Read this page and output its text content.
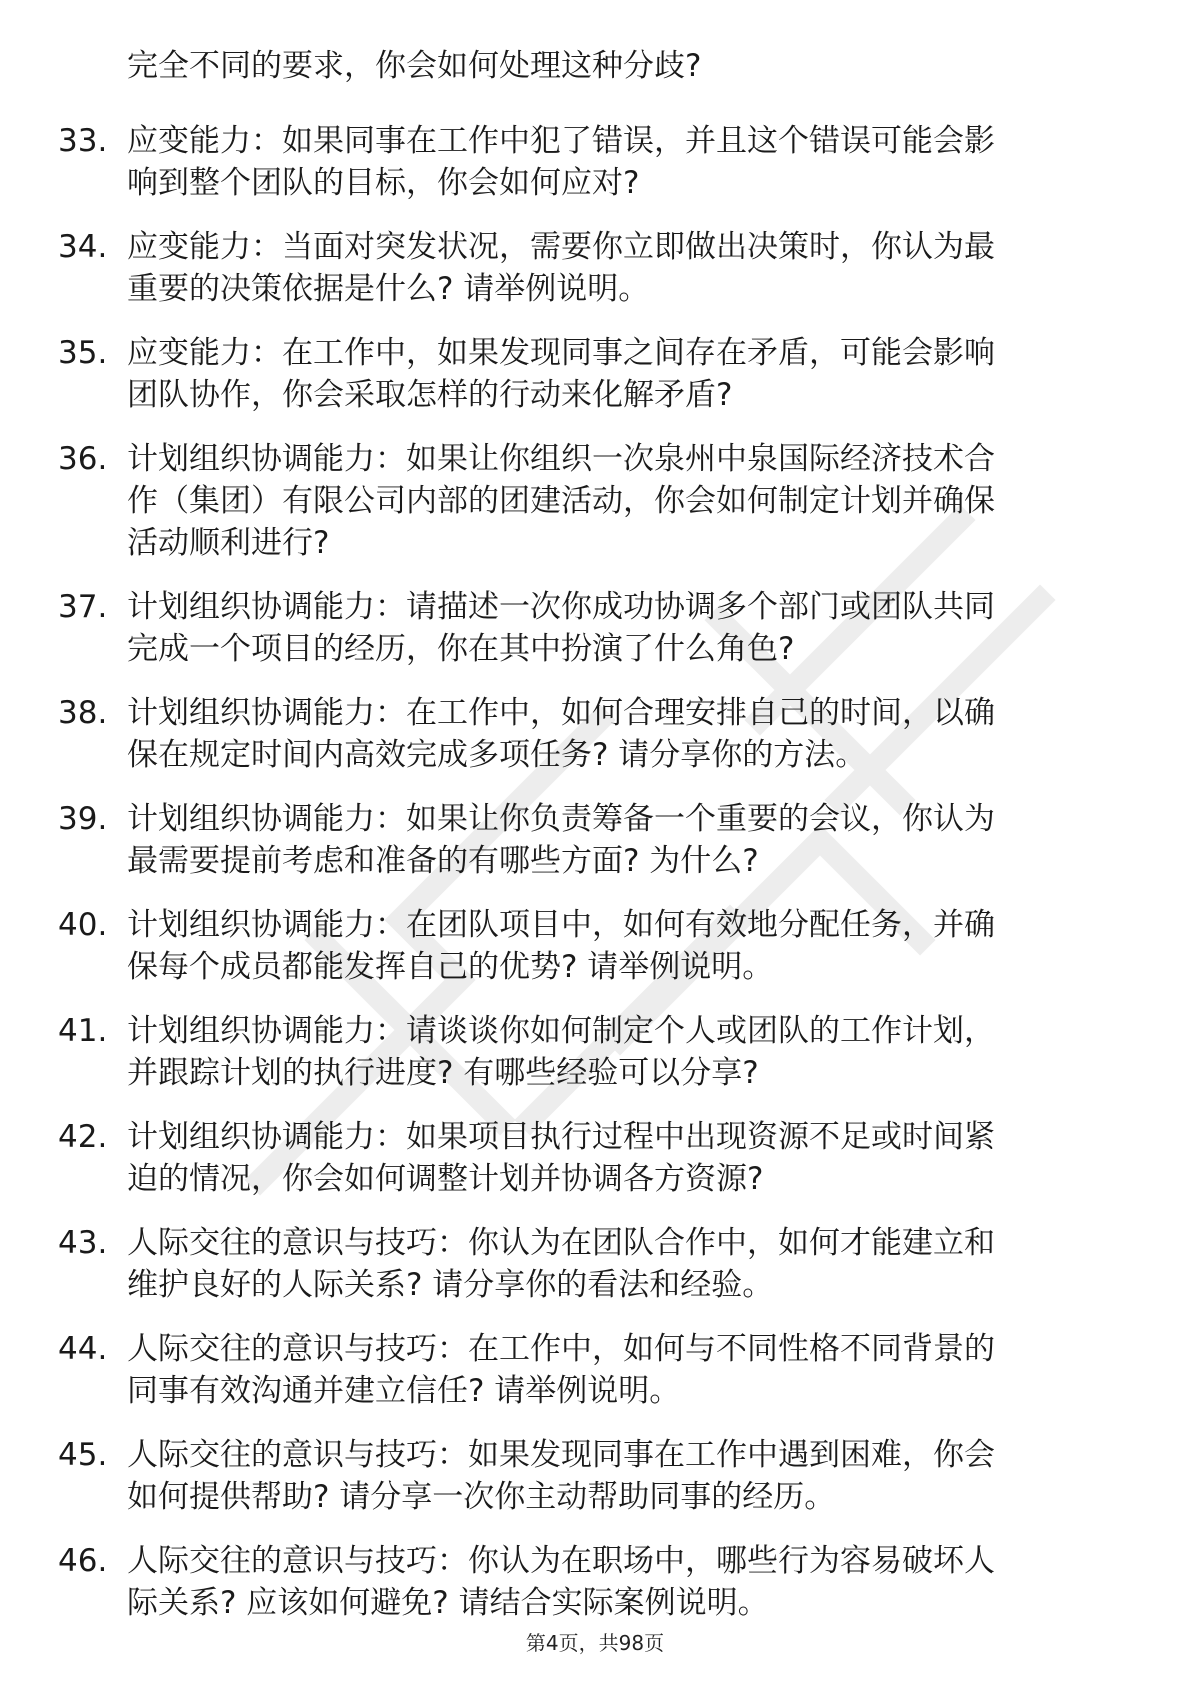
完全不同的要求，你会如何处理这种分歧?
33. 应变能力：如果同事在工作中犯了错误，并且这个错误可能会影
响到整个团队的目标，你会如何应对?
34. 应变能力：当面对突发状况，需要你立即做出决策时，你认为最
重要的决策依据是什么? 请举例说明。
35. 应变能力：在工作中，如果发现同事之间存在矛盾，可能会影响
团队协作，你会采取怎样的行动来化解矛盾?
36. 计划组织协调能力：如果让你组织一次泉州中泉国际经济技术合
作（集团）有限公司内部的团建活动，你会如何制定计划并确保
活动顺利进行?
37. 计划组织协调能力：请描述一次你成功协调多个部门或团队共同
完成一个项目的经历，你在其中扮演了什么角色?
38. 计划组织协调能力：在工作中，如何合理安排自己的时间，以确
保在规定时间内高效完成多项任务? 请分享你的方法。
39. 计划组织协调能力：如果让你负责筹备一个重要的会议，你认为
最需要提前考虑和准备的有哪些方面? 为什么?
40. 计划组织协调能力：在团队项目中，如何有效地分配任务，并确
保每个成员都能发挥自己的优势? 请举例说明。
41. 计划组织协调能力：请谈谈你如何制定个人或团队的工作计划，
并跟踪计划的执行进度? 有哪些经验可以分享?
42. 计划组织协调能力：如果项目执行过程中出现资源不足或时间紧
迫的情况，你会如何调整计划并协调各方资源?
43. 人际交往的意识与技巧：你认为在团队合作中，如何才能建立和
维护良好的人际关系? 请分享你的看法和经验。
44. 人际交往的意识与技巧：在工作中，如何与不同性格不同背景的
同事有效沟通并建立信任? 请举例说明。
45. 人际交往的意识与技巧：如果发现同事在工作中遇到困难，你会
如何提供帮助? 请分享一次你主动帮助同事的经历。
46. 人际交往的意识与技巧：你认为在职场中，哪些行为容易破坏人
际关系? 应该如何避免? 请结合实际案例说明。
第4页，共98页
